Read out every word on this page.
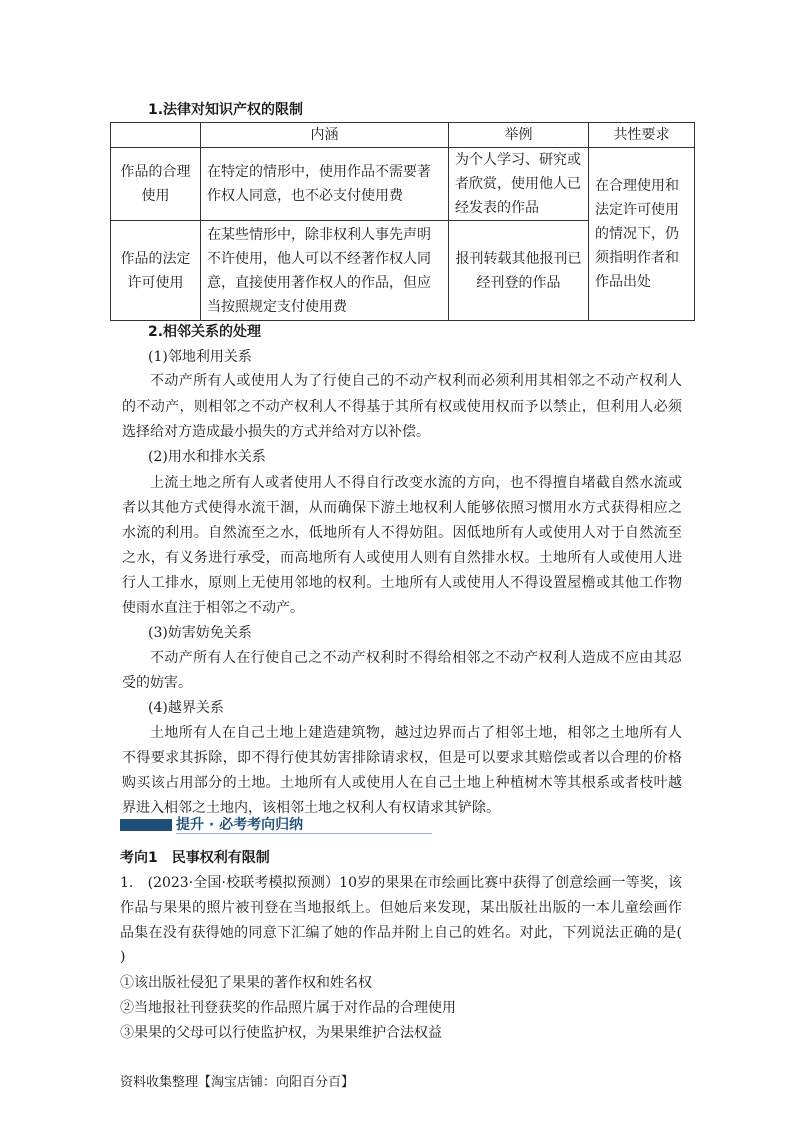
1.法律对知识产权的限制
	内涵	举例	共性要求
作品的合理使用	在特定的情形中，使用作品不需要著作权人同意，也不必支付使用费	为个人学习、研究或者欣赏，使用他人已经发表的作品	在合理使用和法定许可使用的情况下，仍须指明作者和作品出处
作品的法定许可使用	在某些情形中，除非权利人事先声明不许使用，他人可以不经著作权人同意，直接使用著作权人的作品，但应当按照规定支付使用费	报刊转载其他报刊已经刊登的作品	
2.相邻关系的处理
(1)邻地利用关系
不动产所有人或使用人为了行使自己的不动产权利而必须利用其相邻之不动产权利人
的不动产，则相邻之不动产权利人不得基于其所有权或使用权而予以禁止，但利用人必须
选择给对方造成最小损失的方式并给对方以补偿。
(2)用水和排水关系
上流土地之所有人或者使用人不得自行改变水流的方向，也不得擅自堵截自然水流或
者以其他方式使得水流干涸，从而确保下游土地权利人能够依照习惯用水方式获得相应之
水流的利用。自然流至之水，低地所有人不得妨阻。因低地所有人或使用人对于自然流至
之水，有义务进行承受，而高地所有人或使用人则有自然排水权。土地所有人或使用人进
行人工排水，原则上无使用邻地的权利。土地所有人或使用人不得设置屋檐或其他工作物
使雨水直注于相邻之不动产。
(3)妨害妨免关系
不动产所有人在行使自己之不动产权利时不得给相邻之不动产权利人造成不应由其忍
受的妨害。
(4)越界关系
土地所有人在自己土地上建造建筑物，越过边界而占了相邻土地，相邻之土地所有人
不得要求其拆除，即不得行使其妨害排除请求权，但是可以要求其赔偿或者以合理的价格
购买该占用部分的土地。土地所有人或使用人在自己土地上种植树木等其根系或者枝叶越
界进入相邻之土地内，该相邻土地之权利人有权请求其铲除。
提升 · 必考考向归纳
考向1　民事权利有限制
1.　(2023·全国·校联考模拟预测）10岁的果果在市绘画比赛中获得了创意绘画一等奖，该
作品与果果的照片被刊登在当地报纸上。但她后来发现，某出版社出版的一本儿童绘画作
品集在没有获得她的同意下汇编了她的作品并附上自己的姓名。对此，下列说法正确的是(
)
①该出版社侵犯了果果的著作权和姓名权
②当地报社刊登获奖的作品照片属于对作品的合理使用
③果果的父母可以行使监护权，为果果维护合法权益
资料收集整理【淘宝店铺：向阳百分百】
